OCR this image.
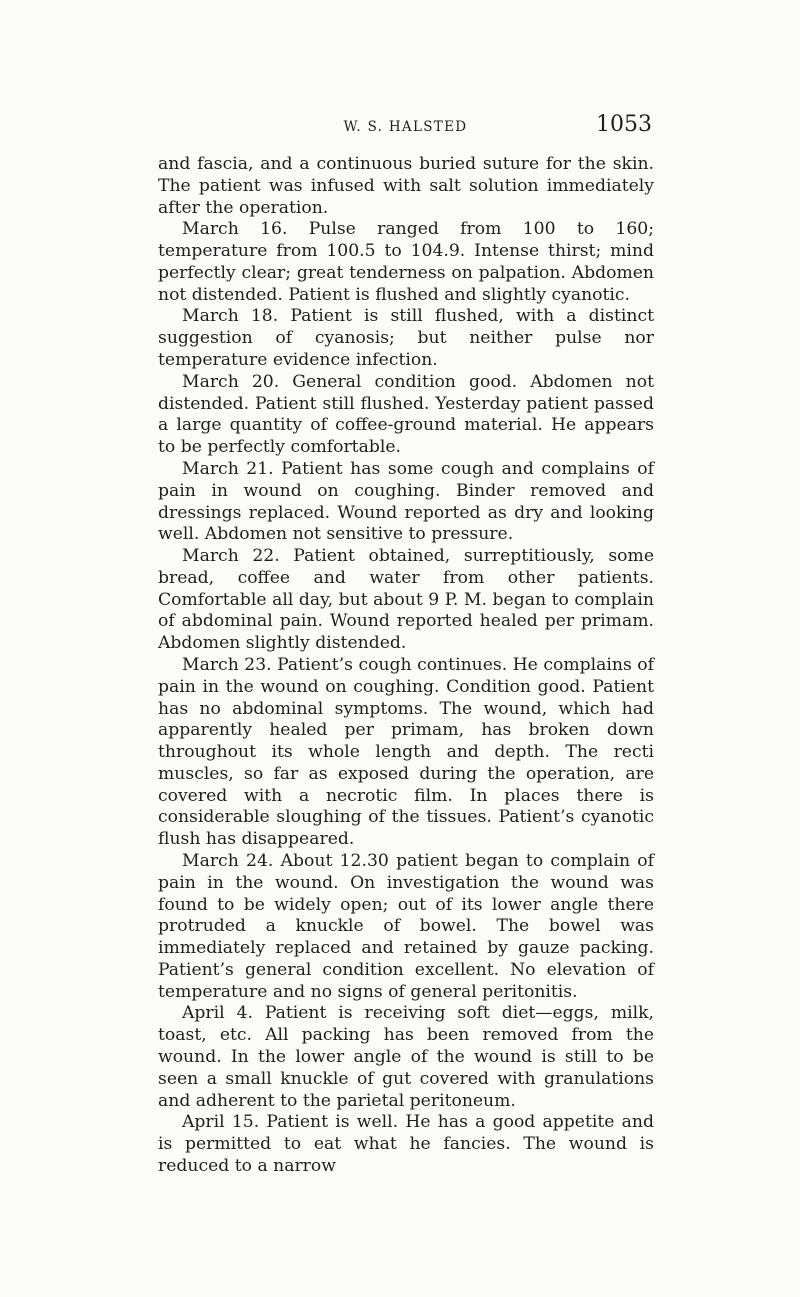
W. S. HALSTED	1053

and fascia, and a continuous buried suture for the skin. The patient was infused with salt solution immediately after the operation.

March 16. Pulse ranged from 100 to 160; temperature from 100.5 to 104.9. Intense thirst; mind perfectly clear; great tenderness on palpation. Abdomen not distended. Patient is flushed and slightly cyanotic.

March 18. Patient is still flushed, with a distinct suggestion of cyanosis; but neither pulse nor temperature evidence infection.

March 20. General condition good. Abdomen not distended. Patient still flushed. Yesterday patient passed a large quantity of coffee-ground material. He appears to be perfectly comfortable.

March 21. Patient has some cough and complains of pain in wound on coughing. Binder removed and dressings replaced. Wound reported as dry and looking well. Abdomen not sensitive to pressure.

March 22. Patient obtained, surreptitiously, some bread, coffee and water from other patients. Comfortable all day, but about 9 P. M. began to complain of abdominal pain. Wound reported healed per primam. Abdomen slightly distended.

March 23. Patient’s cough continues. He complains of pain in the wound on coughing. Condition good. Patient has no abdominal symptoms. The wound, which had apparently healed per primam, has broken down throughout its whole length and depth. The recti muscles, so far as exposed during the operation, are covered with a necrotic film. In places there is considerable sloughing of the tissues. Patient’s cyanotic flush has disappeared.

March 24. About 12.30 patient began to complain of pain in the wound. On investigation the wound was found to be widely open; out of its lower angle there protruded a knuckle of bowel. The bowel was immediately replaced and retained by gauze packing. Patient’s general condition excellent. No elevation of temperature and no signs of general peritonitis.

April 4. Patient is receiving soft diet—eggs, milk, toast, etc. All packing has been removed from the wound. In the lower angle of the wound is still to be seen a small knuckle of gut covered with granulations and adherent to the parietal peritoneum.

April 15. Patient is well. He has a good appetite and is permitted to eat what he fancies. The wound is reduced to a narrow
